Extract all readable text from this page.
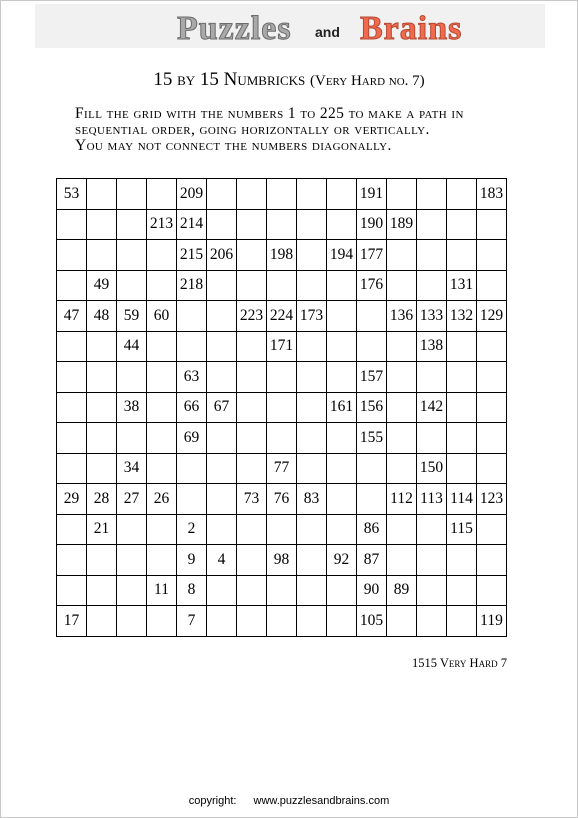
Puzzles and Brains
15 by 15 Numbricks (Very Hard no. 7)
Fill the grid with the numbers 1 to 225 to make a path in
sequential order, going horizontally or vertically.
You may not connect the numbers diagonally.
53				209						191				183
			213	214						190	189			
				215	206		198		194	177				
	49			218						176			131	
47	48	59	60			223	224	173			136	133	132	129
		44					171					138		
				63						157				
		38		66	67				161	156		142		
				69						155				
		34					77					150		
29	28	27	26			73	76	83			112	113	114	123
	21			2						86			115	
				9	4		98		92	87				
			11	8						90	89			
17				7						105				119
1515 Very Hard 7
copyright: www.puzzlesandbrains.com
